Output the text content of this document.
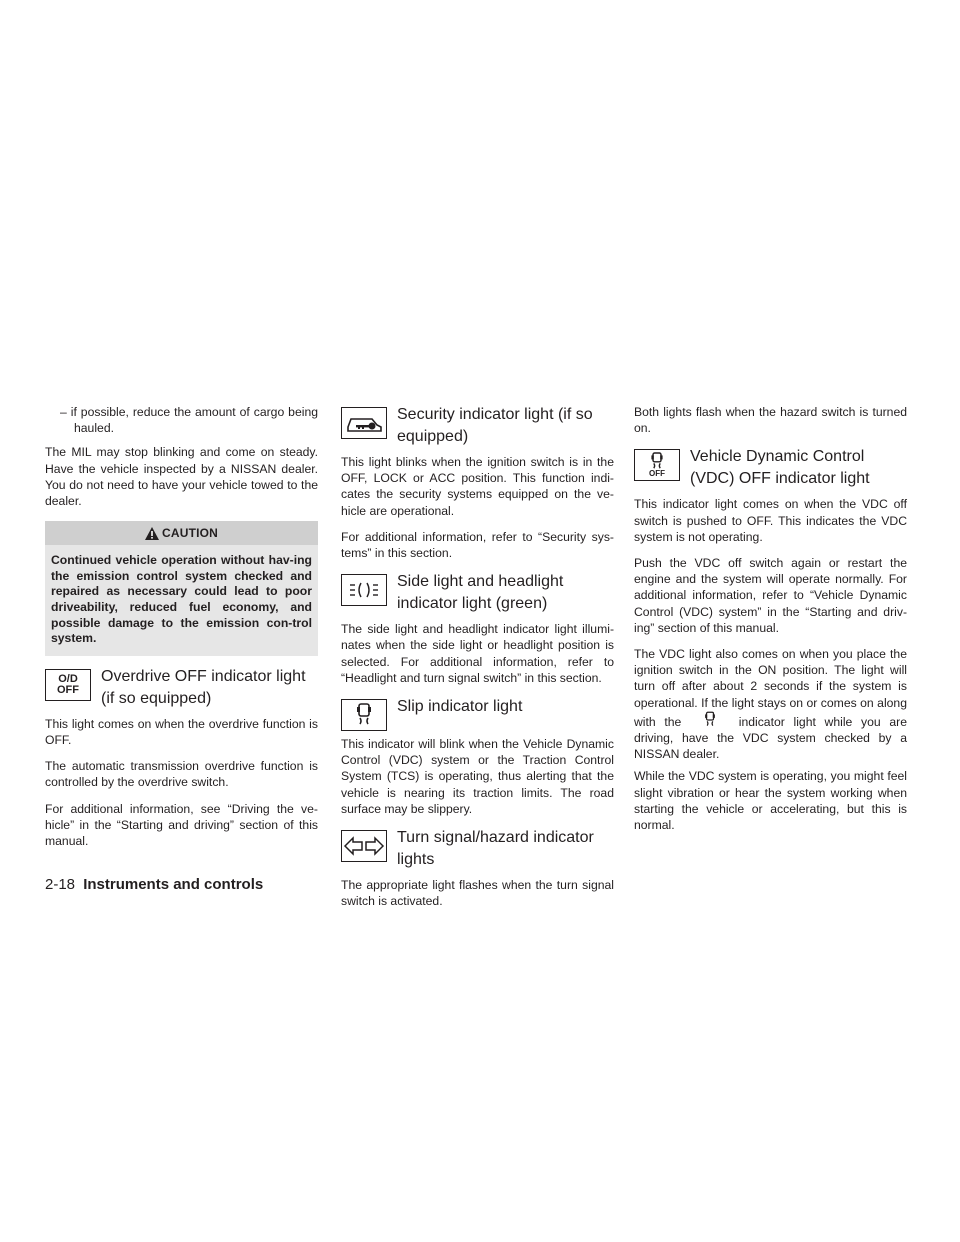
– if possible, reduce the amount of cargo being hauled.

The MIL may stop blinking and come on steady. Have the vehicle inspected by a NISSAN dealer. You do not need to have your vehicle towed to the dealer.

CAUTION
Continued vehicle operation without hav-ing the emission control system checked and repaired as necessary could lead to poor driveability, reduced fuel economy, and possible damage to the emission con-trol system.
O/D
OFF
Overdrive OFF indicator light (if so equipped)

This light comes on when the overdrive function is OFF.

The automatic transmission overdrive function is controlled by the overdrive switch.

For additional information, see “Driving the ve-hicle” in the “Starting and driving” section of this manual.

Security indicator light (if so equipped)

This light blinks when the ignition switch is in the OFF, LOCK or ACC position. This function indi-cates the security systems equipped on the ve-hicle are operational.

For additional information, refer to “Security sys-tems” in this section.

Side light and headlight indicator light (green)

The side light and headlight indicator light illumi-nates when the side light or headlight position is selected. For additional information, refer to “Headlight and turn signal switch” in this section.

Slip indicator light

This indicator will blink when the Vehicle Dynamic Control (VDC) system or the Traction Control System (TCS) is operating, thus alerting that the vehicle is nearing its traction limits. The road surface may be slippery.

Turn signal/hazard indicator lights

The appropriate light flashes when the turn signal switch is activated.

Both lights flash when the hazard switch is turned on.

OFF
Vehicle Dynamic Control (VDC) OFF indicator light

This indicator light comes on when the VDC off switch is pushed to OFF. This indicates the VDC system is not operating.

Push the VDC off switch again or restart the engine and the system will operate normally. For additional information, refer to “Vehicle Dynamic Control (VDC) system” in the “Starting and driv-ing” section of this manual.

The VDC light also comes on when you place the ignition switch in the ON position. The light will turn off after about 2 seconds if the system is operational. If the light stays on or comes on along with the	indicator light while you are driving, have the VDC system checked by a NISSAN dealer.

While the VDC system is operating, you might feel slight vibration or hear the system working when starting the vehicle or accelerating, but this is normal.

2-18 Instruments and controls
